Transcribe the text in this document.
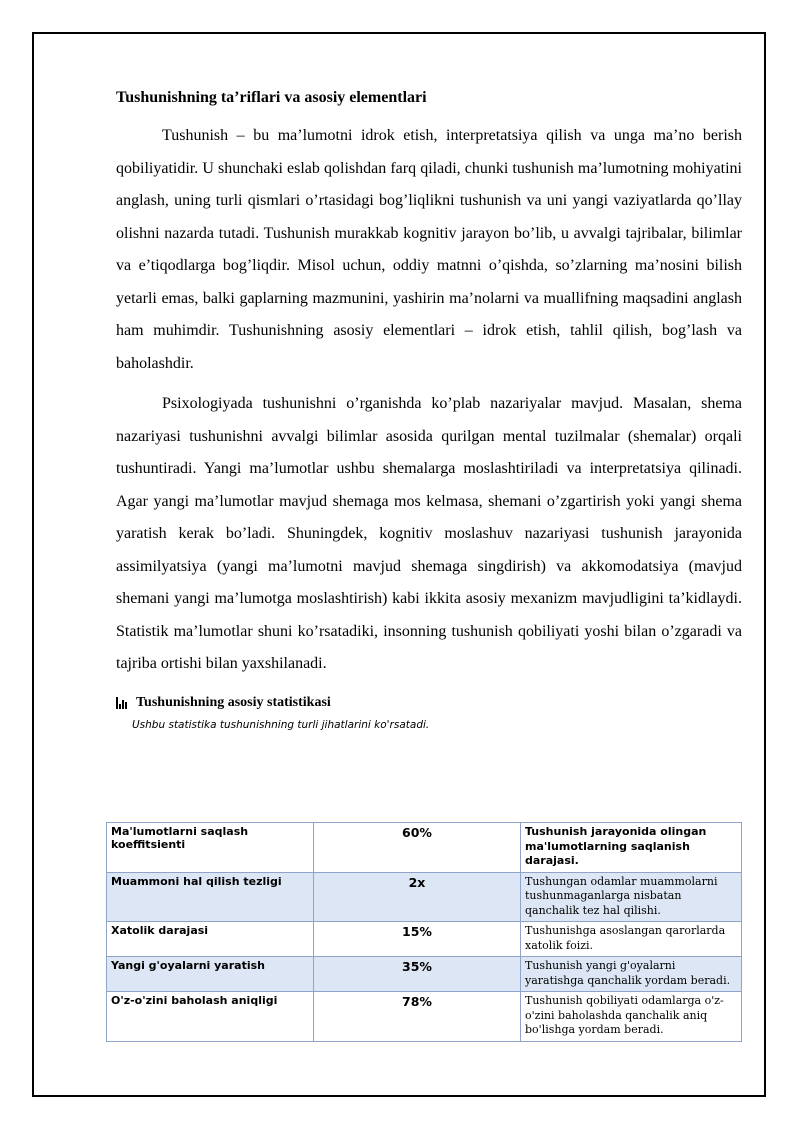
Tushunishning ta’riflari va asosiy elementlari

Tushunish – bu ma’lumotni idrok etish, interpretatsiya qilish va unga ma’no berish qobiliyatidir. U shunchaki eslab qolishdan farq qiladi, chunki tushunish ma’lumotning mohiyatini anglash, uning turli qismlari o’rtasidagi bog’liqlikni tushunish va uni yangi vaziyatlarda qo’llay olishni nazarda tutadi. Tushunish murakkab kognitiv jarayon bo’lib, u avvalgi tajribalar, bilimlar va e’tiqodlarga bog’liqdir. Misol uchun, oddiy matnni o’qishda, so’zlarning ma’nosini bilish yetarli emas, balki gaplarning mazmunini, yashirin ma’nolarni va muallifning maqsadini anglash ham muhimdir. Tushunishning asosiy elementlari – idrok etish, tahlil qilish, bog’lash va baholashdir.

Psixologiyada tushunishni o’rganishda ko’plab nazariyalar mavjud. Masalan, shema nazariyasi tushunishni avvalgi bilimlar asosida qurilgan mental tuzilmalar (shemalar) orqali tushuntiradi. Yangi ma’lumotlar ushbu shemalarga moslashtiriladi va interpretatsiya qilinadi. Agar yangi ma’lumotlar mavjud shemaga mos kelmasa, shemani o’zgartirish yoki yangi shema yaratish kerak bo’ladi. Shuningdek, kognitiv moslashuv nazariyasi tushunish jarayonida assimilyatsiya (yangi ma’lumotni mavjud shemaga singdirish) va akkomodatsiya (mavjud shemani yangi ma’lumotga moslashtirish) kabi ikkita asosiy mexanizm mavjudligini ta’kidlaydi. Statistik ma’lumotlar shuni ko’rsatadiki, insonning tushunish qobiliyati yoshi bilan o’zgaradi va tajriba ortishi bilan yaxshilanadi.

Tushunishning asosiy statistikasi
Ushbu statistika tushunishning turli jihatlarini ko'rsatadi.
Ma'lumotlarni saqlash koeffitsienti	60%	Tushunish jarayonida olingan ma'lumotlarning saqlanish darajasi.
Muammoni hal qilish tezligi	2x	Tushungan odamlar muammolarni tushunmaganlarga nisbatan qanchalik tez hal qilishi.
Xatolik darajasi	15%	Tushunishga asoslangan qarorlarda xatolik foizi.
Yangi g'oyalarni yaratish	35%	Tushunish yangi g'oyalarni yaratishga qanchalik yordam beradi.
O'z-o'zini baholash aniqligi	78%	Tushunish qobiliyati odamlarga o'z-o'zini baholashda qanchalik aniq bo'lishga yordam beradi.
